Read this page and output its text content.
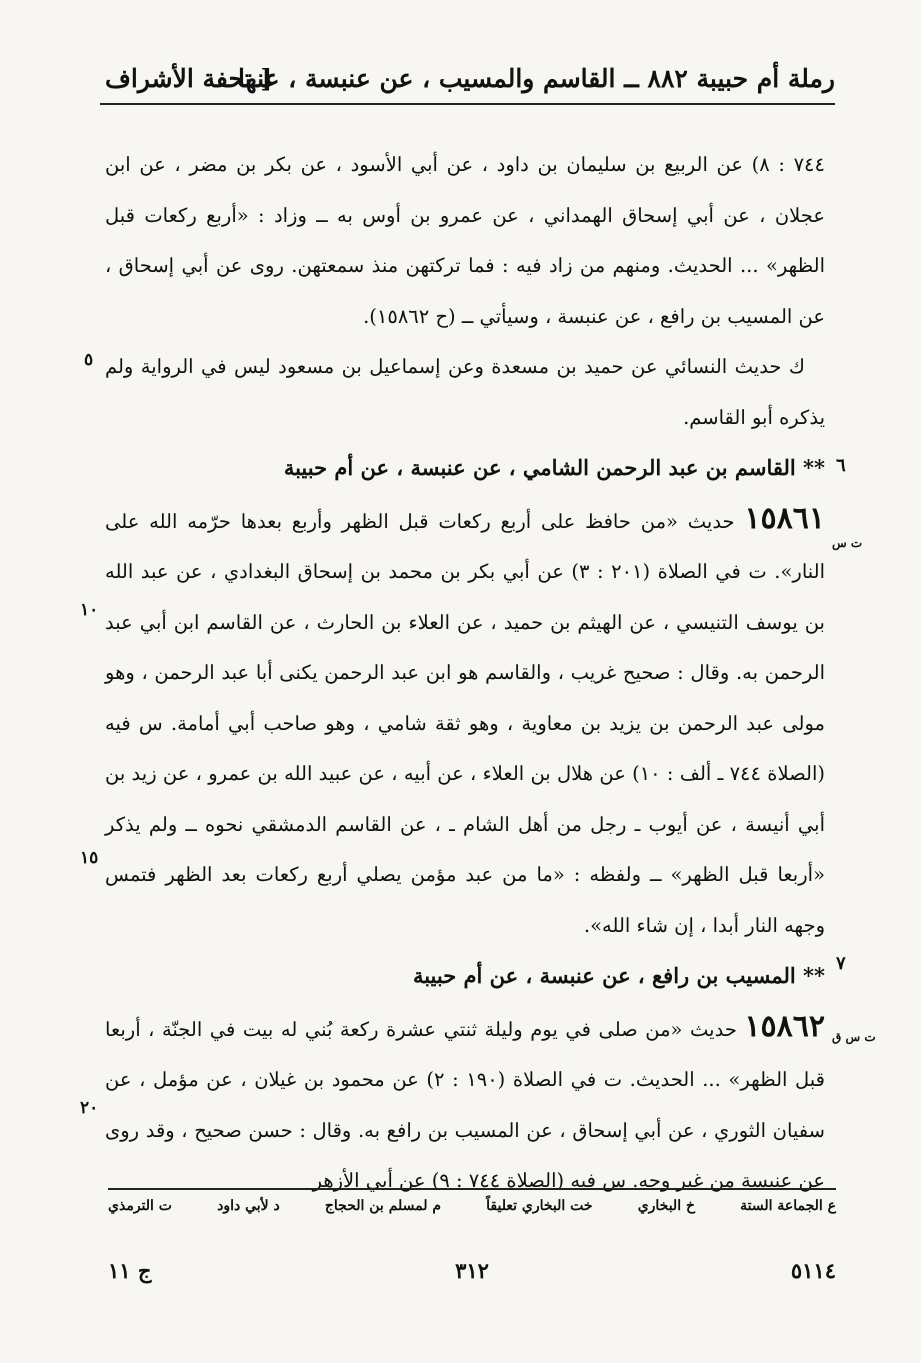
رملة أم حبيبة ٨٨٢ ــ القاسم والمسيب ، عن عنبسة ، عنها
[ تحفة الأشراف

٧٤٤ : ٨) عن الربيع بن سليمان بن داود ، عن أبي الأسود ، عن بكر بن مضر ، عن ابن عجلان ، عن أبي إسحاق الهمداني ، عن عمرو بن أوس به ــ وزاد : «أربع ركعات قبل الظهر» ... الحديث. ومنهم من زاد فيه : فما تركتهن منذ سمعتهن. روى عن أبي إسحاق ، عن المسيب بن رافع ، عن عنبسة ، وسيأتي ــ (ح ١٥٨٦٢).

ك حديث النسائي عن حميد بن مسعدة وعن إسماعيل بن مسعود ليس في الرواية ولم يذكره أبو القاسم.

** القاسم بن عبد الرحمن الشامي ، عن عنبسة ، عن أم حبيبة

١٥٨٦١ حديث «من حافظ على أربع ركعات قبل الظهر وأربع بعدها حرّمه الله على النار». ت في الصلاة (٢٠١ : ٣) عن أبي بكر بن محمد بن إسحاق البغدادي ، عن عبد الله بن يوسف التنيسي ، عن الهيثم بن حميد ، عن العلاء بن الحارث ، عن القاسم ابن أبي عبد الرحمن به. وقال : صحيح غريب ، والقاسم هو ابن عبد الرحمن يكنى أبا عبد الرحمن ، وهو مولى عبد الرحمن بن يزيد بن معاوية ، وهو ثقة شامي ، وهو صاحب أبي أمامة. س فيه (الصلاة ٧٤٤ ـ ألف : ١٠) عن هلال بن العلاء ، عن أبيه ، عن عبيد الله بن عمرو ، عن زيد بن أبي أنيسة ، عن أيوب ـ رجل من أهل الشام ـ ، عن القاسم الدمشقي نحوه ــ ولم يذكر «أربعا قبل الظهر» ــ ولفظه : «ما من عبد مؤمن يصلي أربع ركعات بعد الظهر فتمس وجهه النار أبدا ، إن شاء الله».

** المسيب بن رافع ، عن عنبسة ، عن أم حبيبة

١٥٨٦٢ حديث «من صلى في يوم وليلة ثنتي عشرة ركعة بُني له بيت في الجنّة ، أربعا قبل الظهر» ... الحديث. ت في الصلاة (١٩٠ : ٢) عن محمود بن غيلان ، عن مؤمل ، عن سفيان الثوري ، عن أبي إسحاق ، عن المسيب بن رافع به. وقال : حسن صحيح ، وقد روى عن عنبسة من غير وجه. س فيه (الصلاة ٧٤٤ : ٩) عن أبي الأزهر

٦
٧
ت س
ت س ق
٥
١٠
١٥
٢٠
ع الجماعة الستة
خ البخاري
خت البخاري تعليقاً
م لمسلم بن الحجاج
د لأبي داود
ت الترمذي
٥١١٤
٣١٢
ج ١١
